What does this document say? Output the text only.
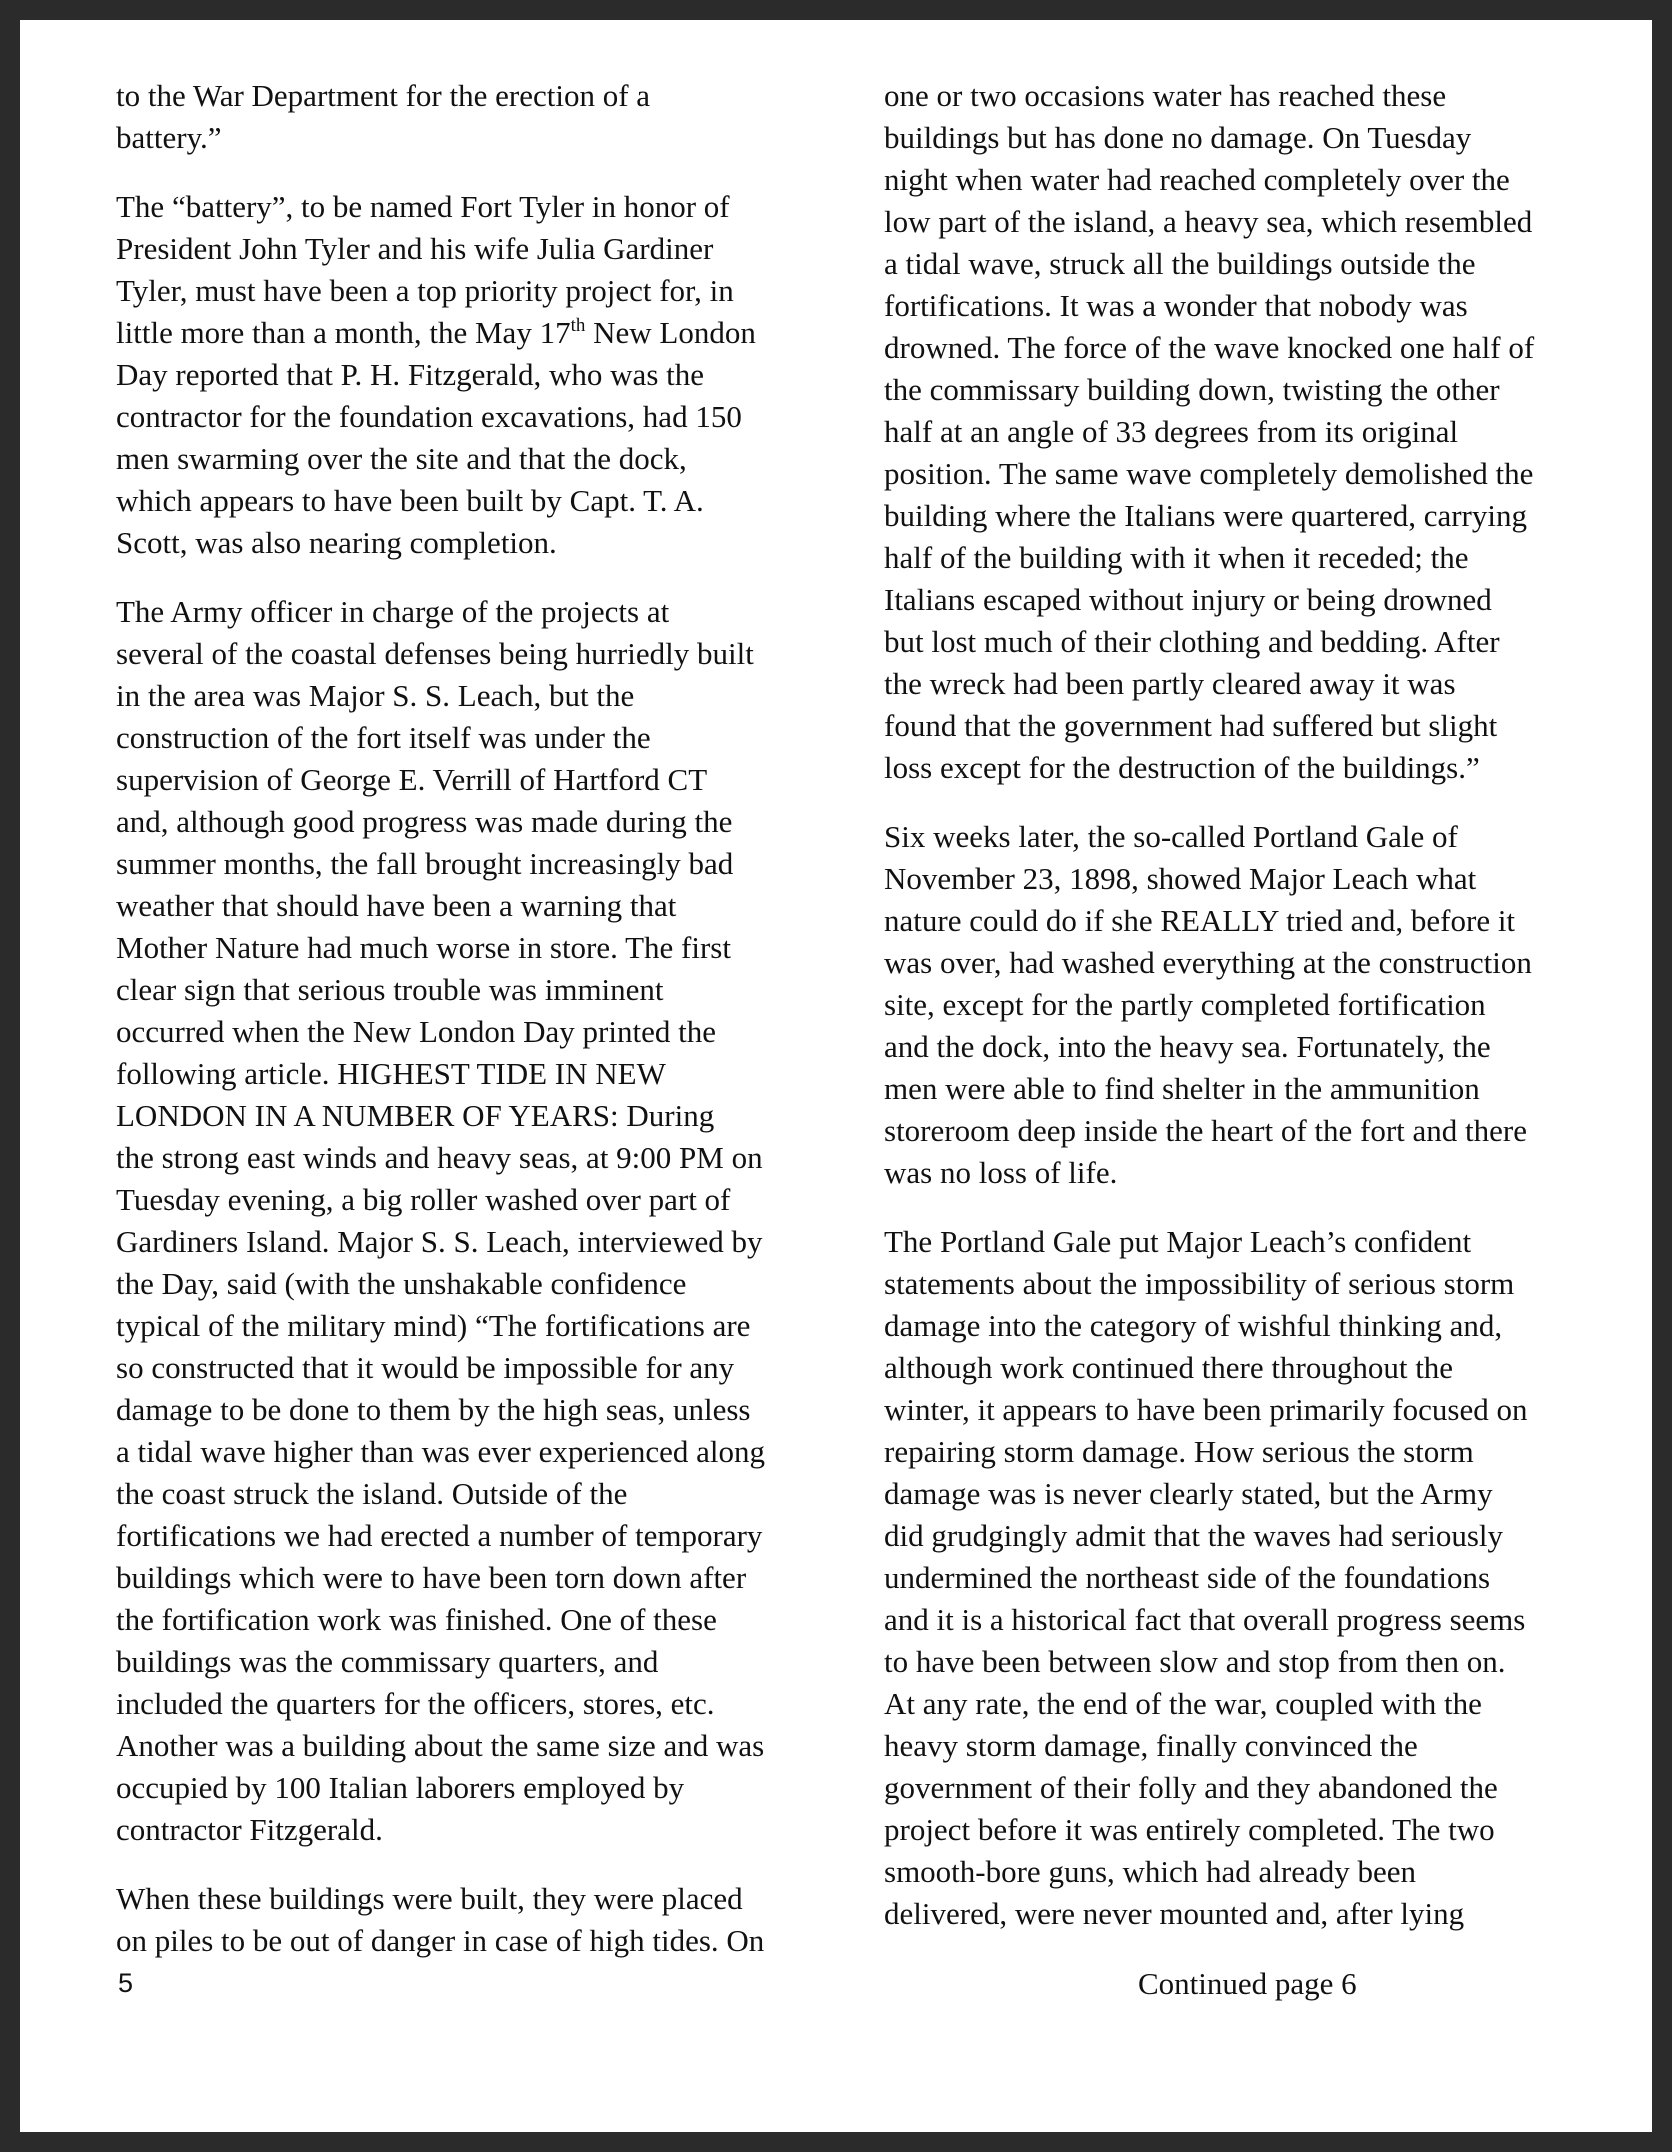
to the War Department for the erection of a
battery.”

The “battery”, to be named Fort Tyler in honor of
President John Tyler and his wife Julia Gardiner
Tyler, must have been a top priority project for, in
little more than a month, the May 17th New London
Day reported that P. H. Fitzgerald, who was the
contractor for the foundation excavations, had 150
men swarming over the site and that the dock,
which appears to have been built by Capt. T. A.
Scott, was also nearing completion.

The Army officer in charge of the projects at
several of the coastal defenses being hurriedly built
in the area was Major S. S. Leach, but the
construction of the fort itself was under the
supervision of George E. Verrill of Hartford CT
and, although good progress was made during the
summer months, the fall brought increasingly bad
weather that should have been a warning that
Mother Nature had much worse in store. The first
clear sign that serious trouble was imminent
occurred when the New London Day printed the
following article. HIGHEST TIDE IN NEW
LONDON IN A NUMBER OF YEARS: During
the strong east winds and heavy seas, at 9:00 PM on
Tuesday evening, a big roller washed over part of
Gardiners Island. Major S. S. Leach, interviewed by
the Day, said (with the unshakable confidence
typical of the military mind) “The fortifications are
so constructed that it would be impossible for any
damage to be done to them by the high seas, unless
a tidal wave higher than was ever experienced along
the coast struck the island. Outside of the
fortifications we had erected a number of temporary
buildings which were to have been torn down after
the fortification work was finished. One of these
buildings was the commissary quarters, and
included the quarters for the officers, stores, etc.
Another was a building about the same size and was
occupied by 100 Italian laborers employed by
contractor Fitzgerald.

When these buildings were built, they were placed
on piles to be out of danger in case of high tides. On

one or two occasions water has reached these
buildings but has done no damage. On Tuesday
night when water had reached completely over the
low part of the island, a heavy sea, which resembled
a tidal wave, struck all the buildings outside the
fortifications. It was a wonder that nobody was
drowned. The force of the wave knocked one half of
the commissary building down, twisting the other
half at an angle of 33 degrees from its original
position. The same wave completely demolished the
building where the Italians were quartered, carrying
half of the building with it when it receded; the
Italians escaped without injury or being drowned
but lost much of their clothing and bedding. After
the wreck had been partly cleared away it was
found that the government had suffered but slight
loss except for the destruction of the buildings.”

Six weeks later, the so-called Portland Gale of
November 23, 1898, showed Major Leach what
nature could do if she REALLY tried and, before it
was over, had washed everything at the construction
site, except for the partly completed fortification
and the dock, into the heavy sea. Fortunately, the
men were able to find shelter in the ammunition
storeroom deep inside the heart of the fort and there
was no loss of life.

The Portland Gale put Major Leach’s confident
statements about the impossibility of serious storm
damage into the category of wishful thinking and,
although work continued there throughout the
winter, it appears to have been primarily focused on
repairing storm damage. How serious the storm
damage was is never clearly stated, but the Army
did grudgingly admit that the waves had seriously
undermined the northeast side of the foundations
and it is a historical fact that overall progress seems
to have been between slow and stop from then on.
At any rate, the end of the war, coupled with the
heavy storm damage, finally convinced the
government of their folly and they abandoned the
project before it was entirely completed. The two
smooth-bore guns, which had already been
delivered, were never mounted and, after lying

5	Continued page 6
